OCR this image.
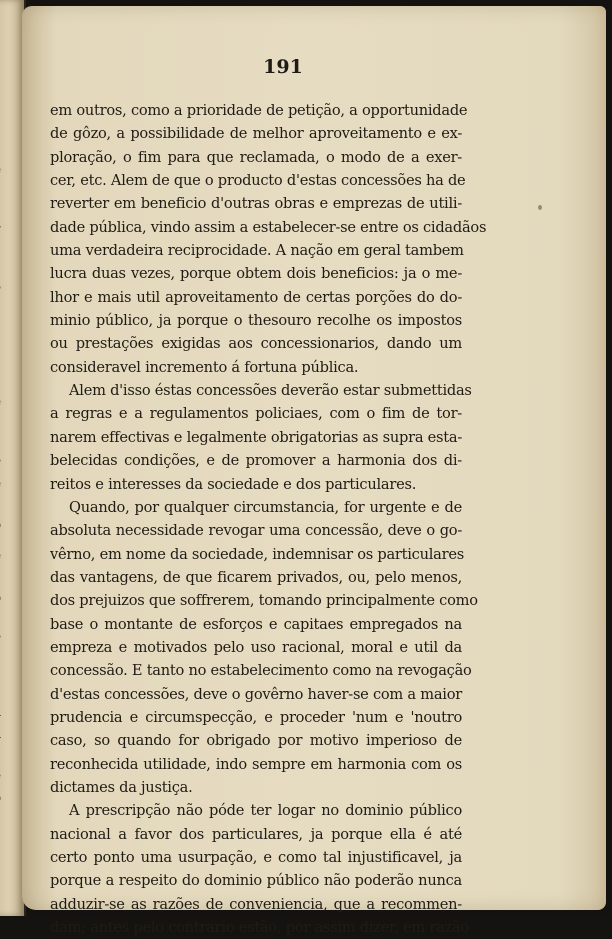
191
em outros, como a prioridade de petição, a opportunidade
de gôzo, a possibilidade de melhor aproveitamento e ex-
ploração, o fim para que reclamada, o modo de a exer-
cer, etc. Alem de que o producto d'estas concessões ha de
reverter em beneficio d'outras obras e emprezas de utili-
dade pública, vindo assim a estabelecer-se entre os cidadãos
uma verdadeira reciprocidade. A nação em geral tambem
lucra duas vezes, porque obtem dois beneficios: ja o me-
lhor e mais util aproveitamento de certas porções do do-
minio público, ja porque o thesouro recolhe os impostos
ou prestações exigidas aos concessionarios, dando um
consideravel incremento á fortuna pública.
Alem d'isso éstas concessões deverão estar submettidas
a regras e a regulamentos policiaes, com o fim de tor-
narem effectivas e legalmente obrigatorias as supra esta-
belecidas condições, e de promover a harmonia dos di-
reitos e interesses da sociedade e dos particulares.
Quando, por qualquer circumstancia, for urgente e de
absoluta necessidade revogar uma concessão, deve o go-
vêrno, em nome da sociedade, indemnisar os particulares
das vantagens, de que ficarem privados, ou, pelo menos,
dos prejuizos que soffrerem, tomando principalmente como
base o montante de esforços e capitaes empregados na
empreza e motivados pelo uso racional, moral e util da
concessão. E tanto no estabelecimento como na revogação
d'estas concessões, deve o govêrno haver-se com a maior
prudencia e circumspecção, e proceder 'num e 'noutro
caso, so quando for obrigado por motivo imperioso de
reconhecida utilidade, indo sempre em harmonia com os
dictames da justiça.
A prescripção não póde ter logar no dominio público
nacional a favor dos particulares, ja porque ella é até
certo ponto uma usurpação, e como tal injustificavel, ja
porque a respeito do dominio público não poderão nunca
adduzir-se as razões de conveniencia, que a recommen-
dam; antes pelo contrario estão, por assim dizer, em razão
